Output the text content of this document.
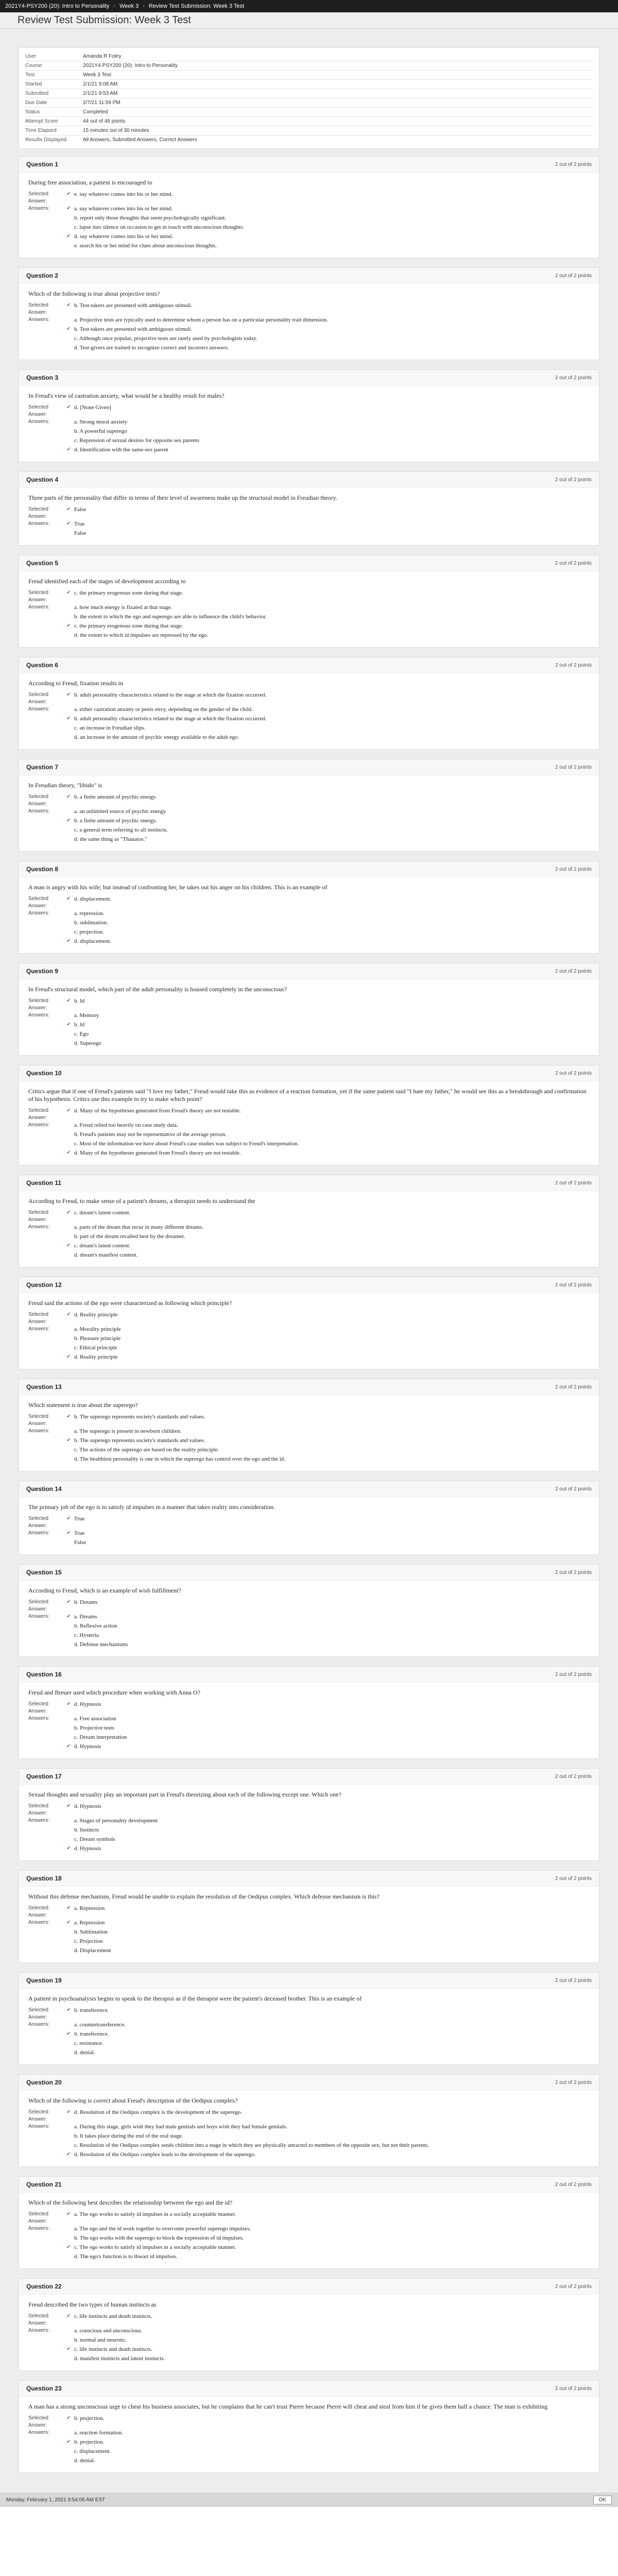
2021Y4-PSY200 (20): Intro to Personality › Week 3 › Review Test Submission: Week 3 Test
Review Test Submission: Week 3 Test
User	Amanda R Foley
Course	2021Y4-PSY200 (20): Intro to Personality
Test	Week 3 Test
Started	2/1/21 9:08 AM
Submitted	2/1/21 9:53 AM
Due Date	2/7/21 11:59 PM
Status	Completed
Attempt Score	44 out of 46 points
Time Elapsed	15 minutes out of 30 minutes
Results Displayed	All Answers, Submitted Answers, Correct Answers
Question 1	2 out of 2 points
During free association, a patient is encouraged to
Selected Answer:
✔ e. say whatever comes into his or her mind.
Answers:	✔ a. say whatever comes into his or her mind.
b. report only those thoughts that seem psychologically significant.
c. lapse into silence on occasion to get in touch with unconscious thoughts.
✔ d. say whatever comes into his or her mind.
e. search his or her mind for clues about unconscious thoughts.
Question 2	2 out of 2 points
Which of the following is true about projective tests?
Selected Answer:
✔ b. Test-takers are presented with ambiguous stimuli.
Answers:	a. Projective tests are typically used to determine whom a person has on a particular personality trait dimension.
✔ b. Test-takers are presented with ambiguous stimuli.
c. Although once popular, projective tests are rarely used by psychologists today.
d. Test-givers are trained to recognize correct and incorrect answers.
Question 3	2 out of 2 points
In Freud's view of castration anxiety, what would be a healthy result for males?
Selected Answer:
✔ d. [None Given]
Answers:	a. Strong moral anxiety
b. A powerful superego
c. Repression of sexual desires for opposite sex parents
✔ d. Identification with the same-sex parent
Question 4	2 out of 2 points
Three parts of the personality that differ in terms of their level of awareness make up the structural model in Freudian theory.
Selected Answer:
✔ False
Answers:	✔ True
False
Question 5	2 out of 2 points
Freud identified each of the stages of development according to
Selected Answer:
✔ c. the primary erogenous zone during that stage.
Answers:	a. how much energy is fixated at that stage.
b. the extent to which the ego and superego are able to influence the child's behavior.
✔ c. the primary erogenous zone during that stage.
d. the extent to which id impulses are repressed by the ego.
Question 6	2 out of 2 points
According to Freud, fixation results in
Selected Answer:
✔ b. adult personality characteristics related to the stage at which the fixation occurred.
Answers:	a. either castration anxiety or penis envy, depending on the gender of the child.
✔ b. adult personality characteristics related to the stage at which the fixation occurred.
c. an increase in Freudian slips.
d. an increase in the amount of psychic energy available to the adult ego.
Question 7	2 out of 2 points
In Freudian theory, "libido" is
Selected Answer:
✔ b. a finite amount of psychic energy.
Answers:	a. an unlimited source of psychic energy.
✔ b. a finite amount of psychic energy.
c. a general term referring to all instincts.
d. the same thing as "Thanatos."
Question 8	2 out of 2 points
A man is angry with his wife; but instead of confronting her, he takes out his anger on his children. This is an example of
Selected Answer:
✔ d. displacement.
Answers:	a. repression.
b. sublimation.
c. projection.
✔ d. displacement.
Question 9	2 out of 2 points
In Freud's structural model, which part of the adult personality is housed completely in the unconscious?
Selected Answer:
✔ b. Id
Answers:	a. Memory
✔ b. Id
c. Ego
d. Superego
Question 10	2 out of 2 points
Critics argue that if one of Freud's patients said "I love my father," Freud would take this as evidence of a reaction formation, yet if the same patient said "I hate my father," he would see this as a breakthrough and confirmation of his hypothesis. Critics use this example to try to make which point?
Selected Answer:
✔ d. Many of the hypotheses generated from Freud's theory are not testable.
Answers:	a. Freud relied too heavily on case study data.
b. Freud's patients may not be representative of the average person.
c. Most of the information we have about Freud's case studies was subject to Freud's interpretation.
✔ d. Many of the hypotheses generated from Freud's theory are not testable.
Question 11	2 out of 2 points
According to Freud, to make sense of a patient's dreams, a therapist needs to understand the
Selected Answer:
✔ c. dream's latent content.
Answers:	a. parts of the dream that recur in many different dreams.
b. part of the dream recalled best by the dreamer.
✔ c. dream's latent content.
d. dream's manifest content.
Question 12	2 out of 2 points
Freud said the actions of the ego were characterized as following which principle?
Selected Answer:
✔ d. Reality principle
Answers:	a. Morality principle
b. Pleasure principle
c. Ethical principle
✔ d. Reality principle
Question 13	2 out of 2 points
Which statement is true about the superego?
Selected Answer:
✔ b. The superego represents society's standards and values.
Answers:	a. The superego is present in newborn children.
✔ b. The superego represents society's standards and values.
c. The actions of the superego are based on the reality principle.
d. The healthiest personality is one in which the superego has control over the ego and the id.
Question 14	2 out of 2 points
The primary job of the ego is to satisfy id impulses in a manner that takes reality into consideration.
Selected Answer:
✔ True
Answers:	✔ True
False
Question 15	2 out of 2 points
According to Freud, which is an example of wish fulfillment?
Selected Answer:
✔ b. Dreams
Answers:	✔ a. Dreams
b. Reflexive action
c. Hysteria
d. Defense mechanisms
Question 16	2 out of 2 points
Freud and Breuer used which procedure when working with Anna O?
Selected Answer:
✔ d. Hypnosis
Answers:	a. Free association
b. Projective tests
c. Dream interpretation
✔ d. Hypnosis
Question 17	2 out of 2 points
Sexual thoughts and sexuality play an important part in Freud's theorizing about each of the following except one. Which one?
Selected Answer:
✔ d. Hypnosis
Answers:	a. Stages of personality development
b. Instincts
c. Dream symbols
✔ d. Hypnosis
Question 18	2 out of 2 points
Without this defense mechanism, Freud would be unable to explain the resolution of the Oedipus complex. Which defense mechanism is this?
Selected Answer:
✔ a. Repression
Answers:	✔ a. Repression
b. Sublimation
c. Projection
d. Displacement
Question 19	2 out of 2 points
A patient in psychoanalysis begins to speak to the therapist as if the therapist were the patient's deceased brother. This is an example of
Selected Answer:
✔ b. transference.
Answers:	a. countertransference.
✔ b. transference.
c. resistance.
d. denial.
Question 20	2 out of 2 points
Which of the following is correct about Freud's description of the Oedipus complex?
Selected Answer:
✔ d. Resolution of the Oedipus complex is the development of the superego.
Answers:	a. During this stage, girls wish they had male genitals and boys wish they had female genitals.
b. It takes place during the end of the oral stage.
c. Resolution of the Oedipus complex sends children into a stage in which they are physically attracted to members of the opposite sex, but not their parents.
✔ d. Resolution of the Oedipus complex leads to the development of the superego.
Question 21	2 out of 2 points
Which of the following best describes the relationship between the ego and the id?
Selected Answer:
✔ a. The ego works to satisfy id impulses in a socially acceptable manner.
Answers:	a. The ego and the id work together to overcome powerful superego impulses.
b. The ego works with the superego to block the expression of id impulses.
✔ c. The ego works to satisfy id impulses in a socially acceptable manner.
d. The ego's function is to thwart id impulses.
Question 22	2 out of 2 points
Freud described the two types of human instincts as
Selected Answer:
✔ c. life instincts and death instincts.
Answers:	a. conscious and unconscious.
b. normal and neurotic.
✔ c. life instincts and death instincts.
d. manifest instincts and latent instincts.
Question 23	2 out of 2 points
A man has a strong unconscious urge to cheat his business associates, but he complains that he can't trust Pierre because Pierre will cheat and steal from him if he gives them half a chance. The man is exhibiting
Selected Answer:
✔ b. projection.
Answers:	a. reaction formation.
✔ b. projection.
c. displacement.
d. denial.
Monday, February 1, 2021 9:54:06 AM EST	OK
